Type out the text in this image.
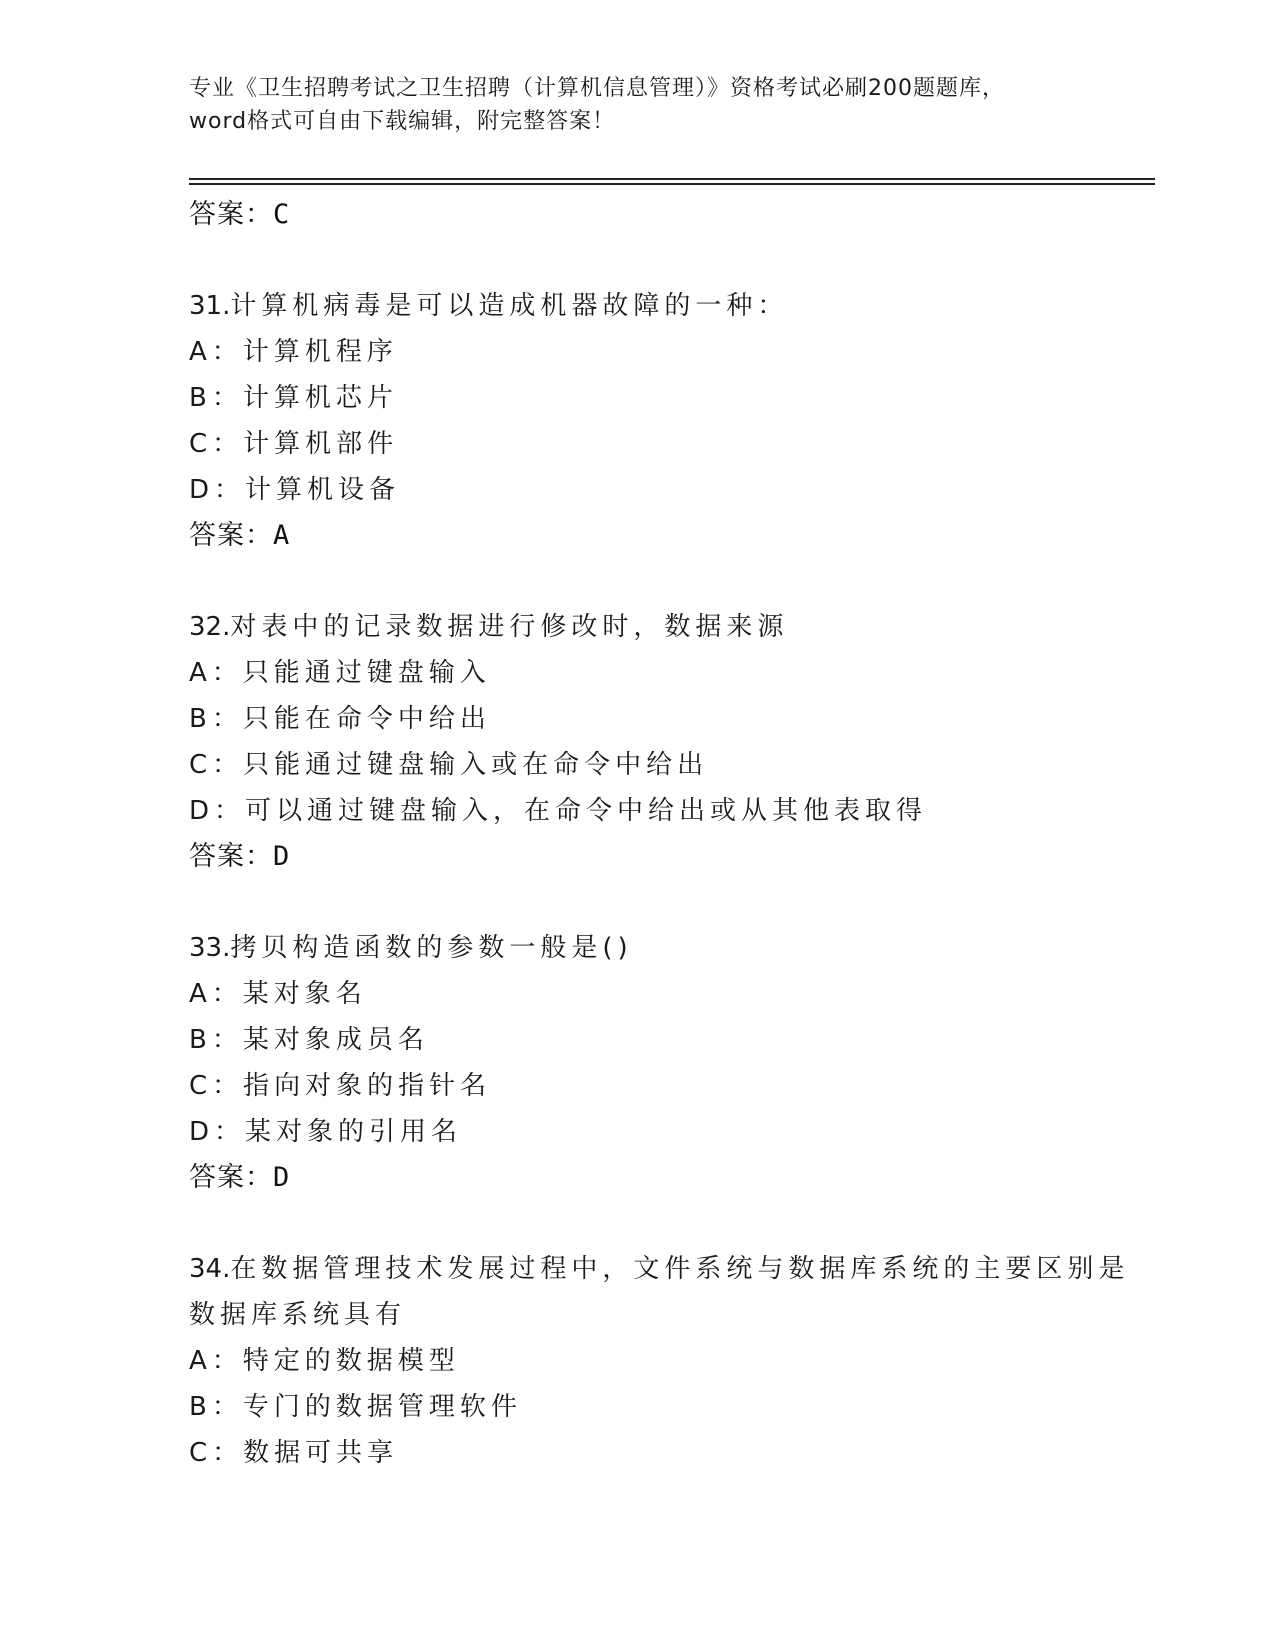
专业《卫生招聘考试之卫生招聘（计算机信息管理）》资格考试必刷200题题库，
word格式可自由下载编辑，附完整答案！
答案：C
31.计算机病毒是可以造成机器故障的一种：
A：计算机程序
B：计算机芯片
C：计算机部件
D：计算机设备
答案：A
32.对表中的记录数据进行修改时，数据来源
A：只能通过键盘输入
B：只能在命令中给出
C：只能通过键盘输入或在命令中给出
D：可以通过键盘输入，在命令中给出或从其他表取得
答案：D
33.拷贝构造函数的参数一般是()
A：某对象名
B：某对象成员名
C：指向对象的指针名
D：某对象的引用名
答案：D
34.在数据管理技术发展过程中，文件系统与数据库系统的主要区别是
数据库系统具有
A：特定的数据模型
B：专门的数据管理软件
C：数据可共享
